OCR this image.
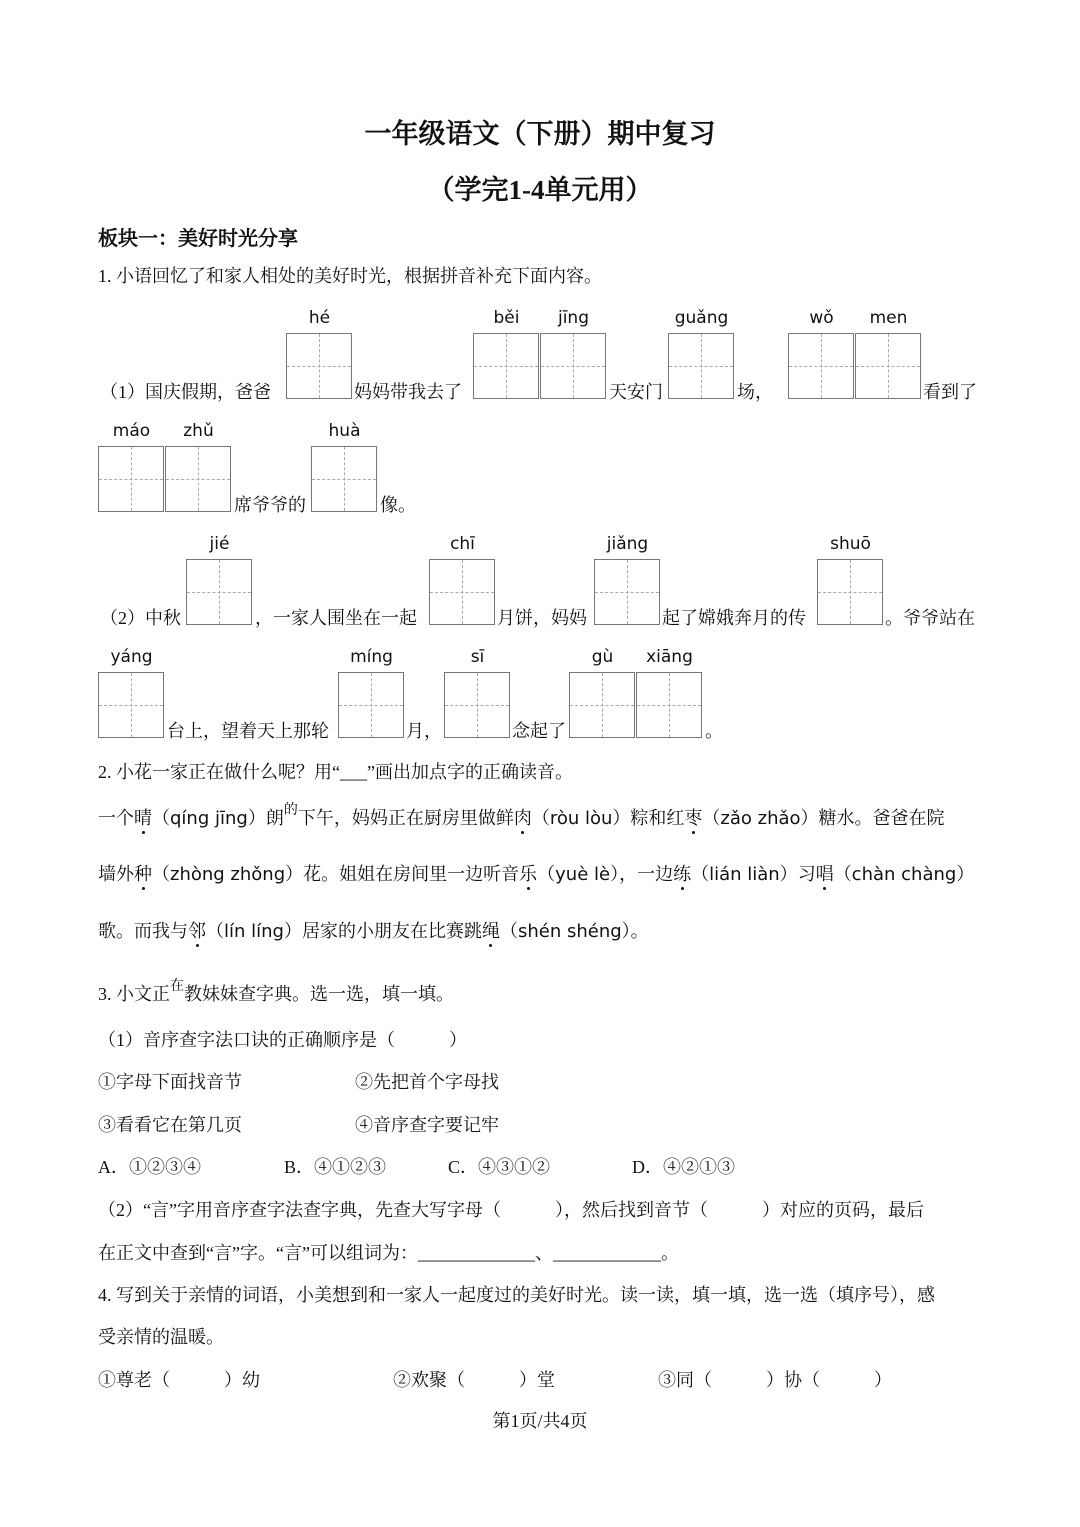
一年级语文（下册）期中复习
（学完1-4单元用）
板块一：美好时光分享
1. 小语回忆了和家人相处的美好时光，根据拼音补充下面内容。
（1）国庆假期，爸爸
hé
妈妈带我去了
běi	jīng
天安门
guǎng
场，
wǒ	men
看到了
máo	zhǔ
席爷爷的
huà
像。
（2）中秋
jié
，一家人围坐在一起
chī
月饼，妈妈
jiǎng
起了嫦娥奔月的传
shuō
。爷爷站在
yáng
台上，望着天上那轮
míng
月，
sī
念起了
gù	xiāng
。
2. 小花一家正在做什么呢？用“___”画出加点字的正确读音。
一个晴（qíng jīng）朗$^的$下午，妈妈正在厨房里做鲜肉（ròu lòu）粽和红枣（zǎo zhǎo）糖水。爸爸在院
墙外种（zhòng zhǒng）花。姐姐在房间里一边听音乐（yuè lè），一边练（lián liàn）习唱（chàn chàng）
歌。而我与邻（lín líng）居家的小朋友在比赛跳绳（shén shéng）。
3. 小文正$^在$教妹妹查字典。选一选，填一填。
（1）音序查字法口诀的正确顺序是（　　　）
①字母下面找音节	②先把首个字母找
③看看它在第几页	④音序查字要记牢
A．①②③④	B．④①②③	C．④③①②	D．④②①③
（2）“言”字用音序查字法查字典，先查大写字母（　　　），然后找到音节（　　　）对应的页码，最后
在正文中查到“言”字。“言”可以组词为：_____________、____________。
4. 写到关于亲情的词语，小美想到和一家人一起度过的美好时光。读一读，填一填，选一选（填序号），感
受亲情的温暖。
①尊老（　　　）幼	②欢聚（　　　）堂	③同（　　　）协（　　　）
第1页/共4页
